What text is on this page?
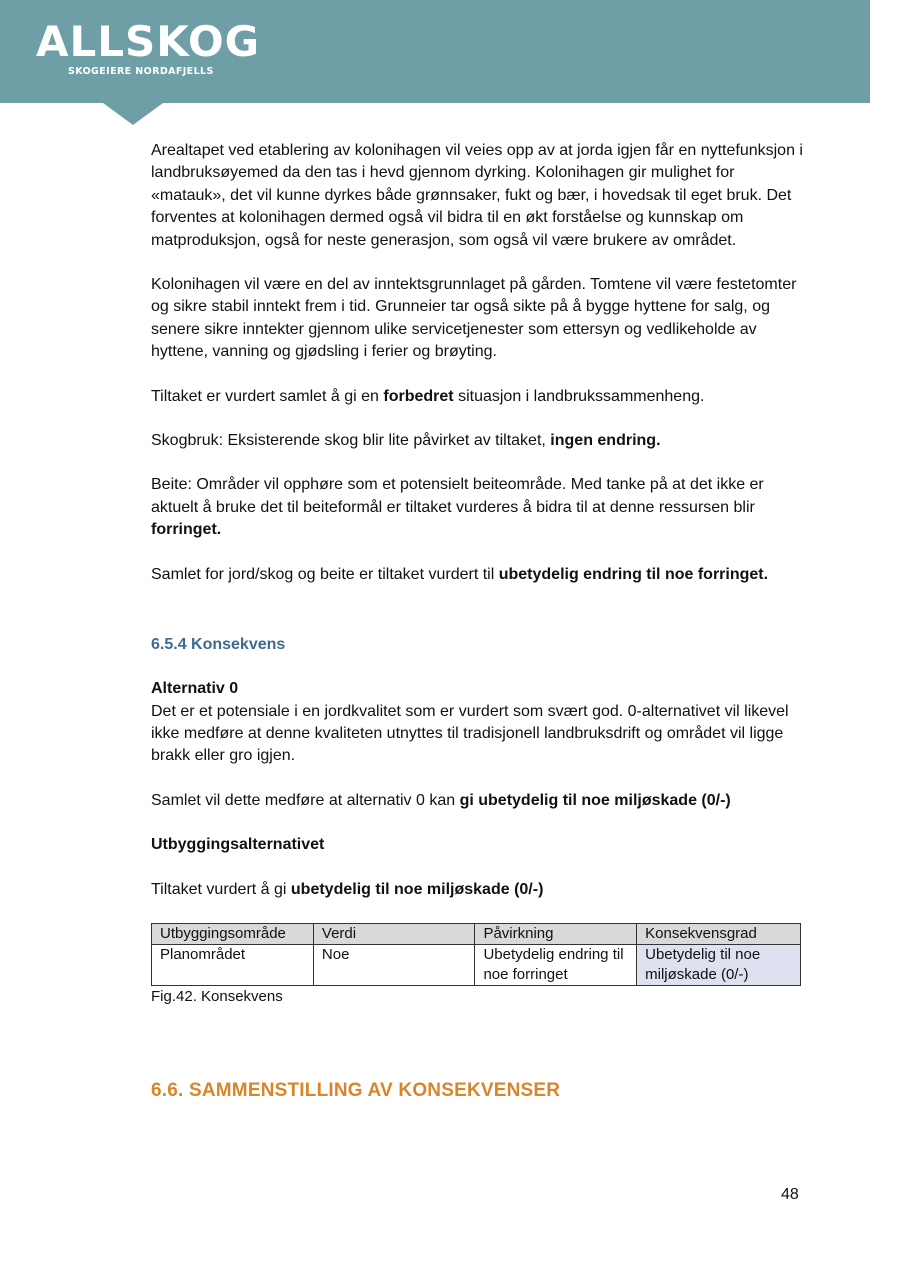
ALLSKOG
SKOGEIERE NORDAFJELLS

Arealtapet ved etablering av kolonihagen vil veies opp av at jorda igjen får en nyttefunksjon i landbruksøyemed da den tas i hevd gjennom dyrking. Kolonihagen gir mulighet for «matauk», det vil kunne dyrkes både grønnsaker, fukt og bær, i hovedsak til eget bruk. Det forventes at kolonihagen dermed også vil bidra til en økt forståelse og kunnskap om matproduksjon, også for neste generasjon, som også vil være brukere av området.

Kolonihagen vil være en del av inntektsgrunnlaget på gården. Tomtene vil være festetomter og sikre stabil inntekt frem i tid. Grunneier tar også sikte på å bygge hyttene for salg, og senere sikre inntekter gjennom ulike servicetjenester som ettersyn og vedlikeholde av hyttene, vanning og gjødsling i ferier og brøyting.

Tiltaket er vurdert samlet å gi en forbedret situasjon i landbrukssammenheng.

Skogbruk: Eksisterende skog blir lite påvirket av tiltaket, ingen endring.

Beite: Områder vil opphøre som et potensielt beiteområde. Med tanke på at det ikke er aktuelt å bruke det til beiteformål er tiltaket vurderes å bidra til at denne ressursen blir forringet.

Samlet for jord/skog og beite er tiltaket vurdert til ubetydelig endring til noe forringet.

6.5.4 Konsekvens

Alternativ 0

Det er et potensiale i en jordkvalitet som er vurdert som svært god. 0-alternativet vil likevel ikke medføre at denne kvaliteten utnyttes til tradisjonell landbruksdrift og området vil ligge brakk eller gro igjen.

Samlet vil dette medføre at alternativ 0 kan gi ubetydelig til noe miljøskade (0/-)

Utbyggingsalternativet

Tiltaket vurdert å gi ubetydelig til noe miljøskade (0/-)

Utbyggingsområde	Verdi	Påvirkning	Konsekvensgrad
Planområdet	Noe	Ubetydelig endring til noe forringet	Ubetydelig til noe miljøskade (0/-)
Fig.42. Konsekvens
6.6. SAMMENSTILLING AV KONSEKVENSER
48
